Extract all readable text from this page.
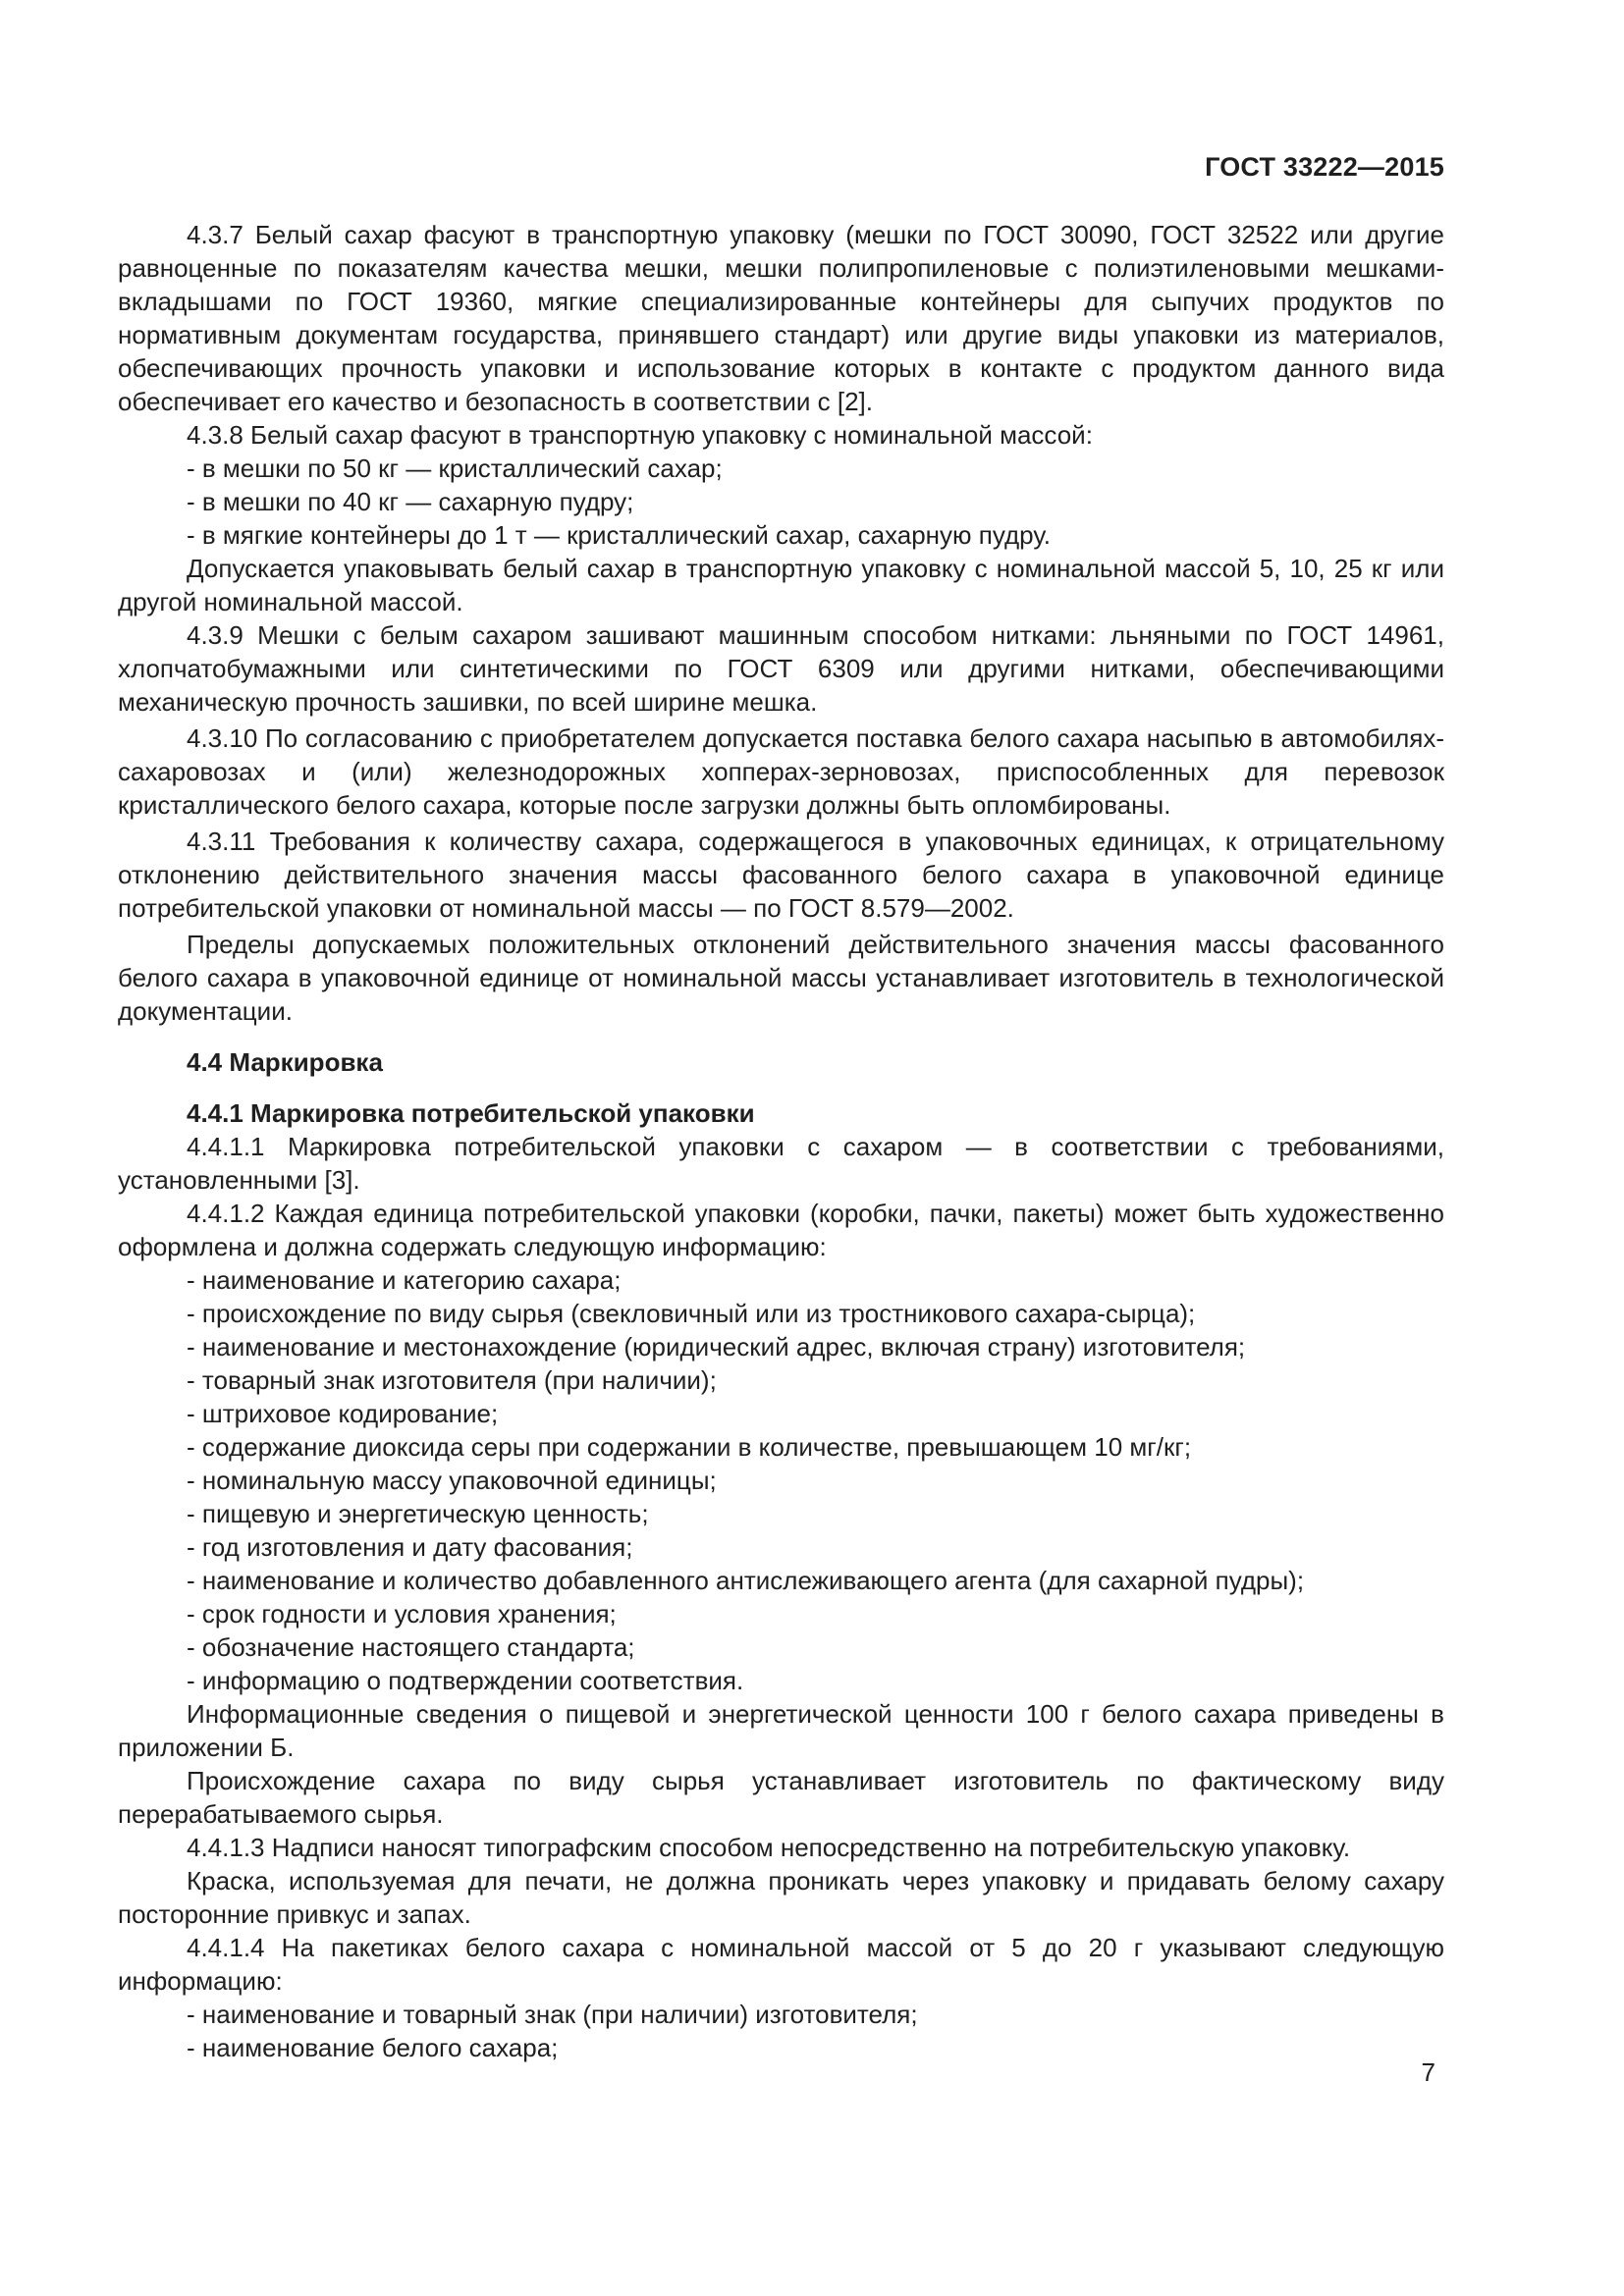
ГОСТ 33222—2015

4.3.7 Белый сахар фасуют в транспортную упаковку (мешки по ГОСТ 30090, ГОСТ 32522 или другие равноценные по показателям качества мешки, мешки полипропиленовые с полиэтиленовыми мешками-вкладышами по ГОСТ 19360, мягкие специализированные контейнеры для сыпучих продуктов по нормативным документам государства, принявшего стандарт) или другие виды упаковки из материалов, обеспечивающих прочность упаковки и использование которых в контакте с продуктом данного вида обеспечивает его качество и безопасность в соответствии с [2].

4.3.8 Белый сахар фасуют в транспортную упаковку с номинальной массой:

- в мешки по 50 кг — кристаллический сахар;

- в мешки по 40 кг — сахарную пудру;

- в мягкие контейнеры до 1 т — кристаллический сахар, сахарную пудру.

Допускается упаковывать белый сахар в транспортную упаковку с номинальной массой 5, 10, 25 кг или другой номинальной массой.

4.3.9 Мешки с белым сахаром зашивают машинным способом нитками: льняными по ГОСТ 14961, хлопчатобумажными или синтетическими по ГОСТ 6309 или другими нитками, обеспечивающими механическую прочность зашивки, по всей ширине мешка.

4.3.10 По согласованию с приобретателем допускается поставка белого сахара насыпью в автомобилях-сахаровозах и (или) железнодорожных хопперах-зерновозах, приспособленных для перевозок кристаллического белого сахара, которые после загрузки должны быть опломбированы.

4.3.11 Требования к количеству сахара, содержащегося в упаковочных единицах, к отрицательному отклонению действительного значения массы фасованного белого сахара в упаковочной единице потребительской упаковки от номинальной массы — по ГОСТ 8.579—2002.

Пределы допускаемых положительных отклонений действительного значения массы фасованного белого сахара в упаковочной единице от номинальной массы устанавливает изготовитель в технологической документации.

4.4 Маркировка

4.4.1 Маркировка потребительской упаковки

4.4.1.1 Маркировка потребительской упаковки с сахаром — в соответствии с требованиями, установленными [3].

4.4.1.2 Каждая единица потребительской упаковки (коробки, пачки, пакеты) может быть художественно оформлена и должна содержать следующую информацию:

- наименование и категорию сахара;

- происхождение по виду сырья (свекловичный или из тростникового сахара-сырца);

- наименование и местонахождение (юридический адрес, включая страну) изготовителя;

- товарный знак изготовителя (при наличии);

- штриховое кодирование;

- содержание диоксида серы при содержании в количестве, превышающем 10 мг/кг;

- номинальную массу упаковочной единицы;

- пищевую и энергетическую ценность;

- год изготовления и дату фасования;

- наименование и количество добавленного антислеживающего агента (для сахарной пудры);

- срок годности и условия хранения;

- обозначение настоящего стандарта;

- информацию о подтверждении соответствия.

Информационные сведения о пищевой и энергетической ценности 100 г белого сахара приведены в приложении Б.

Происхождение сахара по виду сырья устанавливает изготовитель по фактическому виду перерабатываемого сырья.

4.4.1.3 Надписи наносят типографским способом непосредственно на потребительскую упаковку.

Краска, используемая для печати, не должна проникать через упаковку и придавать белому сахару посторонние привкус и запах.

4.4.1.4 На пакетиках белого сахара с номинальной массой от 5 до 20 г указывают следующую информацию:

- наименование и товарный знак (при наличии) изготовителя;

- наименование белого сахара;

7
